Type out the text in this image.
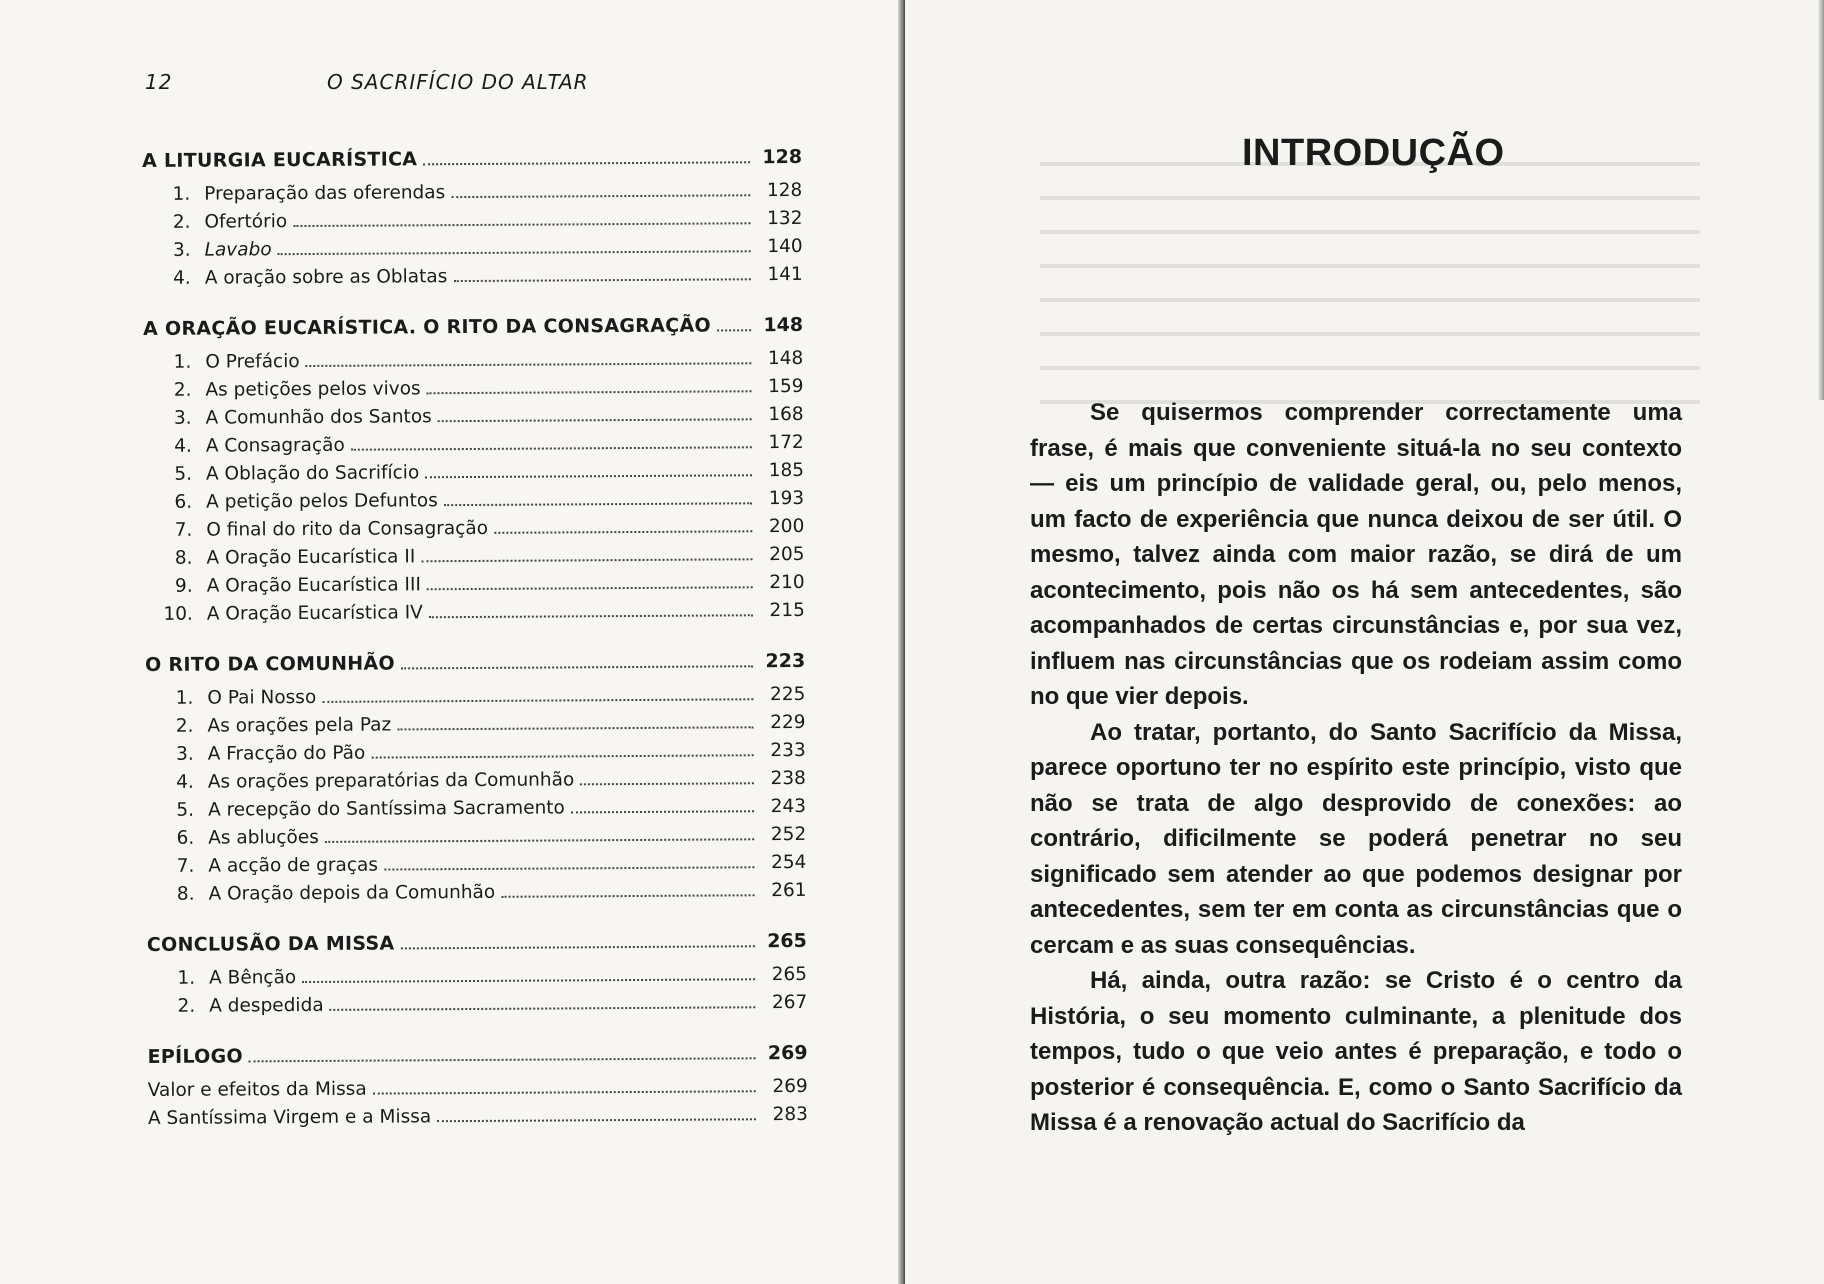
12	O SACRIFÍCIO DO ALTAR
A LITURGIA EUCARÍSTICA	128
1. Preparação das oferendas	128
2. Ofertório	132
3. Lavabo	140
4. A oração sobre as Oblatas	141
A ORAÇÃO EUCARÍSTICA. O RITO DA CONSAGRAÇÃO	148
1. O Prefácio	148
2. As petições pelos vivos	159
3. A Comunhão dos Santos	168
4. A Consagração	172
5. A Oblação do Sacrifício	185
6. A petição pelos Defuntos	193
7. O final do rito da Consagração	200
8. A Oração Eucarística II	205
9. A Oração Eucarística III	210
10. A Oração Eucarística IV	215
O RITO DA COMUNHÃO	223
1. O Pai Nosso	225
2. As orações pela Paz	229
3. A Fracção do Pão	233
4. As orações preparatórias da Comunhão	238
5. A recepção do Santíssima Sacramento	243
6. As abluções	252
7. A acção de graças	254
8. A Oração depois da Comunhão	261
CONCLUSÃO DA MISSA	265
1. A Bênção	265
2. A despedida	267
EPÍLOGO	269
Valor e efeitos da Missa	269
A Santíssima Virgem e a Missa	283
INTRODUÇÃO

Se quisermos comprender correctamente uma frase, é mais que conveniente situá-la no seu contexto — eis um princípio de validade geral, ou, pelo menos, um facto de experiência que nunca deixou de ser útil. O mesmo, talvez ainda com maior razão, se dirá de um acontecimento, pois não os há sem antecedentes, são acompanhados de certas circunstâncias e, por sua vez, influem nas circunstâncias que os rodeiam assim como no que vier depois.

Ao tratar, portanto, do Santo Sacrifício da Missa, parece oportuno ter no espírito este princípio, visto que não se trata de algo desprovido de conexões: ao contrário, dificilmente se poderá penetrar no seu significado sem atender ao que podemos designar por antecedentes, sem ter em conta as circunstâncias que o cercam e as suas consequências.

Há, ainda, outra razão: se Cristo é o centro da História, o seu momento culminante, a plenitude dos tempos, tudo o que veio antes é preparação, e todo o posterior é consequência. E, como o Santo Sacrifício da Missa é a renovação actual do Sacrifício da
